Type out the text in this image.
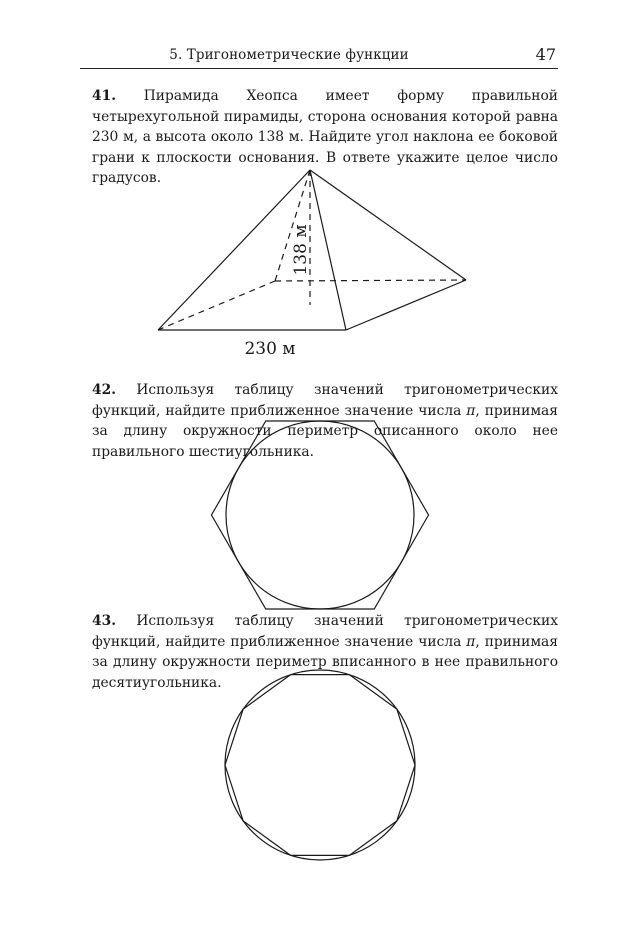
5. Тригонометрические функции	47
41. Пирамида Хеопса имеет форму правильной четырехугольной пирамиды, сторона основания которой равна 230 м, а высота около 138 м. Найдите угол наклона ее боковой грани к плоскости основания. В ответе укажите целое число градусов.
42. Используя таблицу значений тригонометрических функций, найдите приближенное значение числа π, принимая за длину окружности периметр описанного около нее правильного шестиугольника.
43. Используя таблицу значений тригонометрических функций, найдите приближенное значение числа π, принимая за длину окружности периметр вписанного в нее правильного десятиугольника.
138 м
230 м
